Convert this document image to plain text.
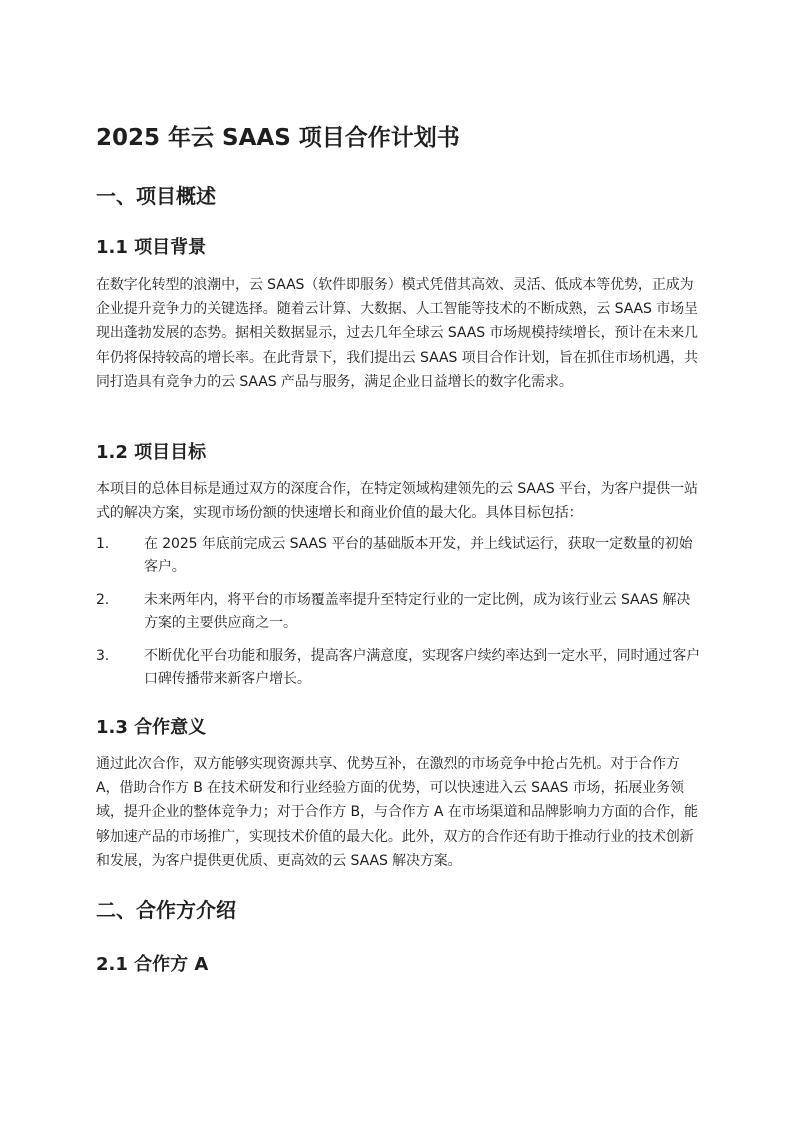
2025 年云 SAAS 项目合作计划书
一、项目概述
1.1 项目背景

在数字化转型的浪潮中，云 SAAS（软件即服务）模式凭借其高效、灵活、低成本等优势，正成为企业提升竞争力的关键选择。随着云计算、大数据、人工智能等技术的不断成熟，云 SAAS 市场呈现出蓬勃发展的态势。据相关数据显示，过去几年全球云 SAAS 市场规模持续增长，预计在未来几年仍将保持较高的增长率。在此背景下，我们提出云 SAAS 项目合作计划，旨在抓住市场机遇，共同打造具有竞争力的云 SAAS 产品与服务，满足企业日益增长的数字化需求。

1.2 项目目标

本项目的总体目标是通过双方的深度合作，在特定领域构建领先的云 SAAS 平台，为客户提供一站式的解决方案，实现市场份额的快速增长和商业价值的最大化。具体目标包括：

1.	在 2025 年底前完成云 SAAS 平台的基础版本开发，并上线试运行，获取一定数量的初始客户。
2.	未来两年内，将平台的市场覆盖率提升至特定行业的一定比例，成为该行业云 SAAS 解决方案的主要供应商之一。
3.	不断优化平台功能和服务，提高客户满意度，实现客户续约率达到一定水平，同时通过客户口碑传播带来新客户增长。
1.3 合作意义

通过此次合作，双方能够实现资源共享、优势互补，在激烈的市场竞争中抢占先机。对于合作方 A，借助合作方 B 在技术研发和行业经验方面的优势，可以快速进入云 SAAS 市场，拓展业务领域，提升企业的整体竞争力；对于合作方 B，与合作方 A 在市场渠道和品牌影响力方面的合作，能够加速产品的市场推广，实现技术价值的最大化。此外，双方的合作还有助于推动行业的技术创新和发展，为客户提供更优质、更高效的云 SAAS 解决方案。

二、合作方介绍
2.1 合作方 A
